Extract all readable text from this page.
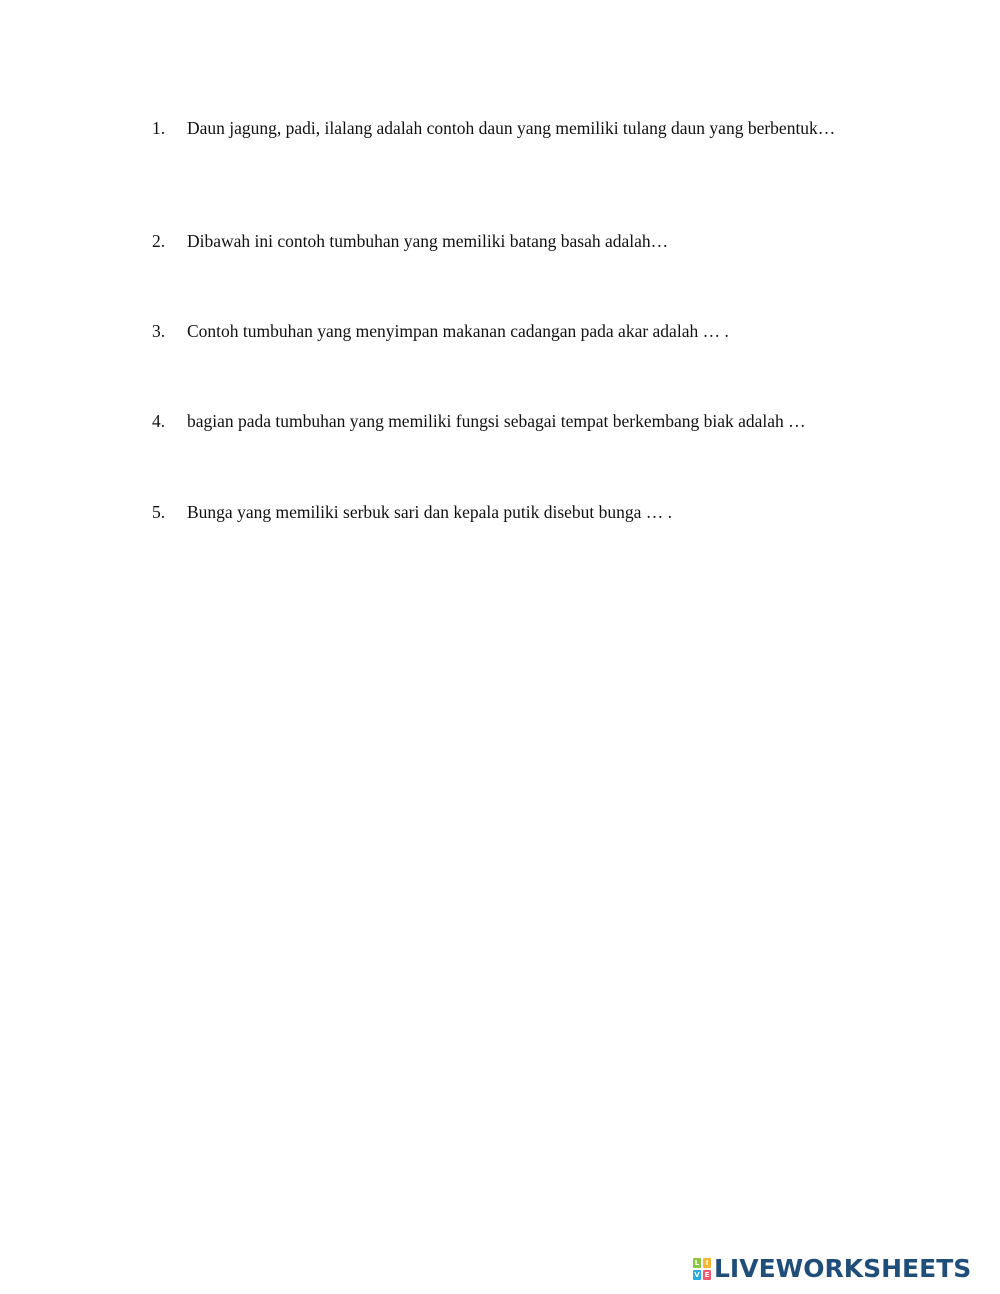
1.	Daun jagung, padi, ilalang adalah contoh daun yang memiliki tulang daun yang berbentuk…
2.	Dibawah ini contoh tumbuhan yang memiliki batang basah adalah…
3.	Contoh tumbuhan yang menyimpan makanan cadangan pada akar adalah … .
4.	bagian pada tumbuhan yang memiliki fungsi sebagai tempat berkembang biak adalah …
5.	Bunga yang memiliki serbuk sari dan kepala putik disebut bunga … .
L I
V E LIVEWORKSHEETS
